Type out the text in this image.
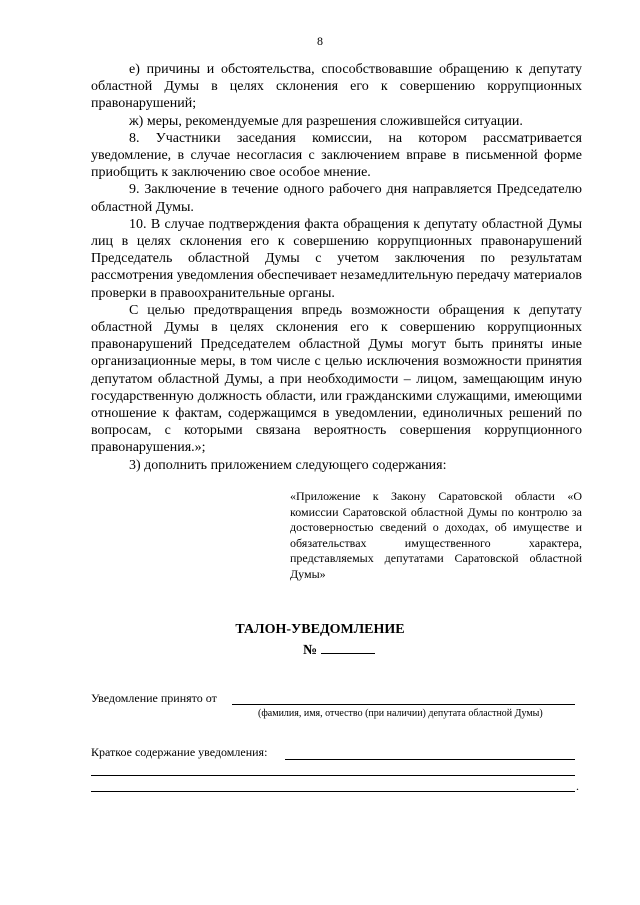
8

е) причины и обстоятельства, способствовавшие обращению к депутату областной Думы в целях склонения его к совершению коррупционных правонарушений;

ж) меры, рекомендуемые для разрешения сложившейся ситуации.

8. Участники заседания комиссии, на котором рассматривается уведомление, в случае несогласия с заключением вправе в письменной форме приобщить к заключению свое особое мнение.

9. Заключение в течение одного рабочего дня направляется Председателю областной Думы.

10. В случае подтверждения факта обращения к депутату областной Думы лиц в целях склонения его к совершению коррупционных правонарушений Председатель областной Думы с учетом заключения по результатам рассмотрения уведомления обеспечивает незамедлительную передачу материалов проверки в правоохранительные органы.

С целью предотвращения впредь возможности обращения к депутату областной Думы в целях склонения его к совершению коррупционных правонарушений Председателем областной Думы могут быть приняты иные организационные меры, в том числе с целью исключения возможности принятия депутатом областной Думы, а при необходимости – лицом, замещающим иную государственную должность области, или гражданскими служащими, имеющими отношение к фактам, содержащимся в уведомлении, единоличных решений по вопросам, с которыми связана вероятность совершения коррупционного правонарушения.»;

3) дополнить приложением следующего содержания:

«Приложение к Закону Саратовской области «О комиссии Саратовской областной Думы по контролю за достоверностью сведений о доходах, об имуществе и обязательствах имущественного характера, представляемых депутатами Саратовской областной Думы»

ТАЛОН-УВЕДОМЛЕНИЕ
№
Уведомление принято от
(фамилия, имя, отчество (при наличии) депутата областной Думы)
Краткое содержание уведомления:
.
